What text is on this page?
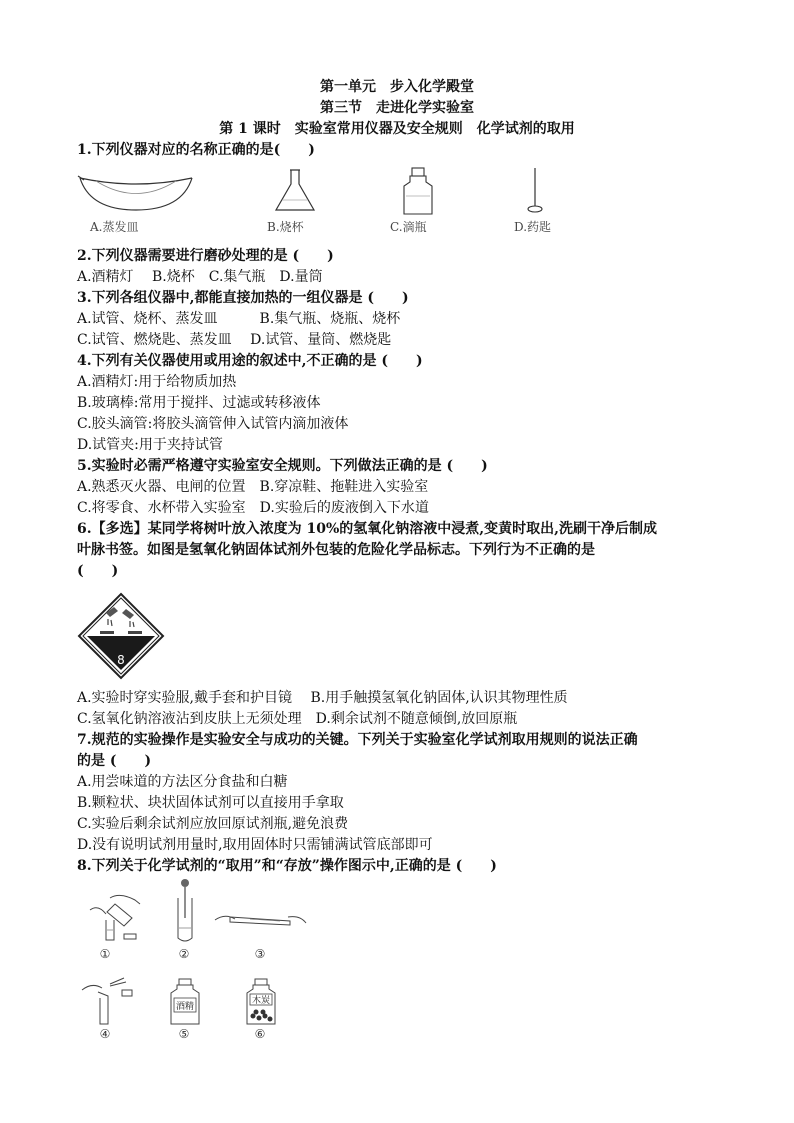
第一单元　步入化学殿堂
第三节　走进化学实验室
第 1 课时　实验室常用仪器及安全规则　化学试剂的取用
1.下列仪器对应的名称正确的是(　　)
A.蒸发皿	B.烧杯	C.滴瓶	D.药匙
2.下列仪器需要进行磨砂处理的是 (　　)
A.酒精灯　 B.烧杯　C.集气瓶　D.量筒
3.下列各组仪器中,都能直接加热的一组仪器是 (　　)
A.试管、烧杯、蒸发皿　　　B.集气瓶、烧瓶、烧杯
C.试管、燃烧匙、蒸发皿　 D.试管、量筒、燃烧匙
4.下列有关仪器使用或用途的叙述中,不正确的是 (　　)
A.酒精灯:用于给物质加热
B.玻璃棒:常用于搅拌、过滤或转移液体
C.胶头滴管:将胶头滴管伸入试管内滴加液体
D.试管夹:用于夹持试管
5.实验时必需严格遵守实验室安全规则。下列做法正确的是 (　　)
A.熟悉灭火器、电闸的位置　B.穿凉鞋、拖鞋进入实验室
C.将零食、水杯带入实验室　D.实验后的废液倒入下水道
6.【多选】某同学将树叶放入浓度为 10%的氢氧化钠溶液中浸煮,变黄时取出,洗刷干净后制成
叶脉书签。如图是氢氧化钠固体试剂外包装的危险化学品标志。下列行为不正确的是
(　　)
8
A.实验时穿实验服,戴手套和护目镜　 B.用手触摸氢氧化钠固体,认识其物理性质
C.氢氧化钠溶液沾到皮肤上无须处理　D.剩余试剂不随意倾倒,放回原瓶
7.规范的实验操作是实验安全与成功的关键。下列关于实验室化学试剂取用规则的说法正确
的是 (　　)
A.用尝味道的方法区分食盐和白糖
B.颗粒状、块状固体试剂可以直接用手拿取
C.实验后剩余试剂应放回原试剂瓶,避免浪费
D.没有说明试剂用量时,取用固体时只需铺满试管底部即可
8.下列关于化学试剂的“取用”和“存放”操作图示中,正确的是 (　　)
①	②	③
④
酒精
⑤
木炭
⑥
